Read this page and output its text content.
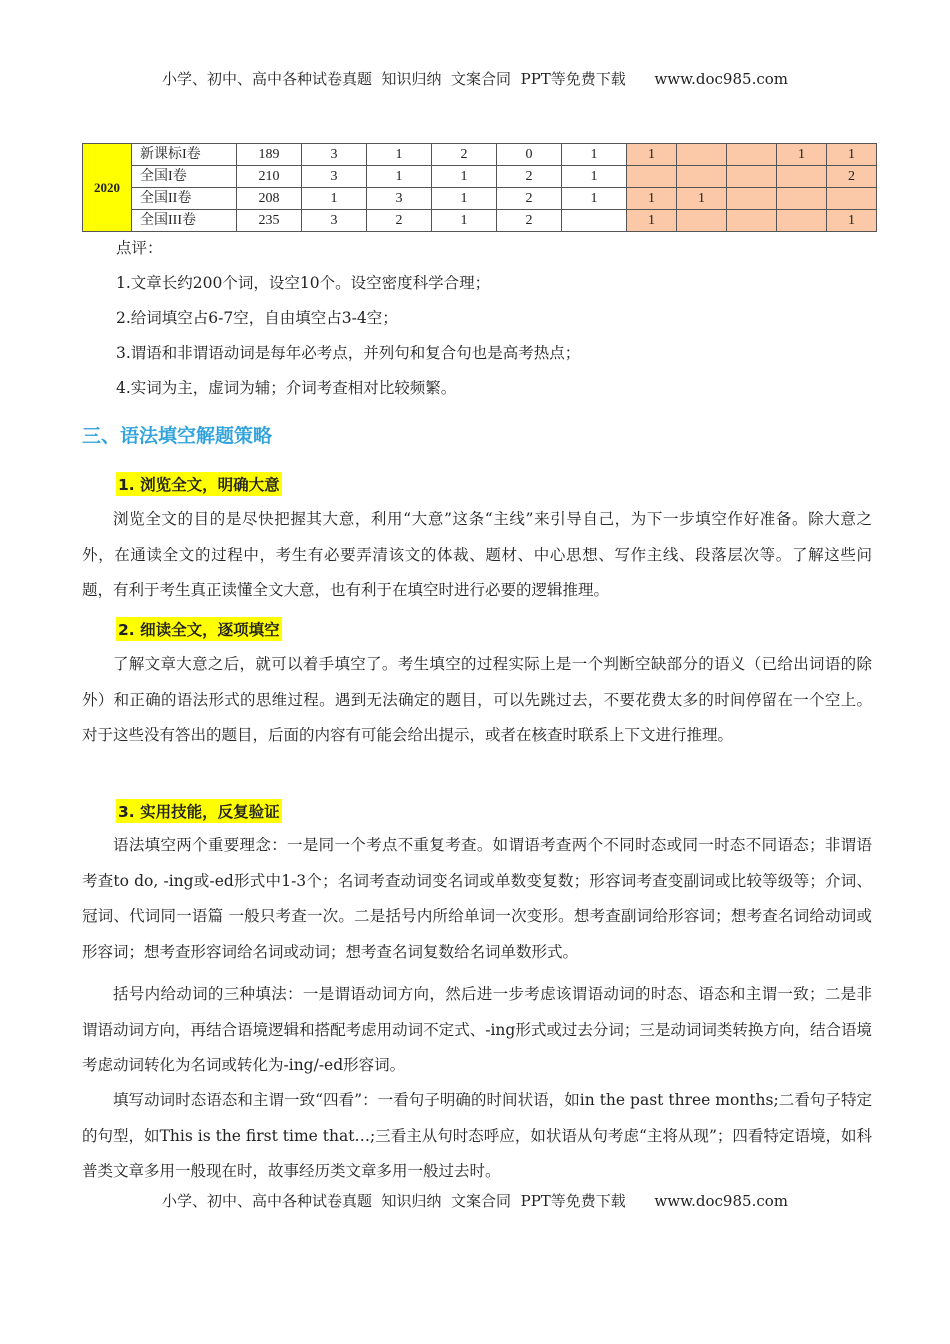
小学、初中、高中各种试卷真题  知识归纳  文案合同  PPT等免费下载      www.doc985.com
2020	新课标I卷	189	3	1	2	0	1	1			1	1
	全国I卷	210	3	1	1	2	1					2
	全国II卷	208	1	3	1	2	1	1	1			
	全国III卷	235	3	2	1	2		1				1

点评：

1.文章长约200个词，设空10个。设空密度科学合理；

2.给词填空占6-7空，自由填空占3-4空；

3.谓语和非谓语动词是每年必考点，并列句和复合句也是高考热点；

4.实词为主，虚词为辅；介词考查相对比较频繁。

三、语法填空解题策略
1. 浏览全文，明确大意

浏览全文的目的是尽快把握其大意，利用“大意”这条“主线”来引导自己，为下一步填空作好准备。除大意之外，在通读全文的过程中，考生有必要弄清该文的体裁、题材、中心思想、写作主线、段落层次等。了解这些问题，有利于考生真正读懂全文大意，也有利于在填空时进行必要的逻辑推理。

2. 细读全文，逐项填空

了解文章大意之后，就可以着手填空了。考生填空的过程实际上是一个判断空缺部分的语义（已给出词语的除外）和正确的语法形式的思维过程。遇到无法确定的题目，可以先跳过去，不要花费太多的时间停留在一个空上。对于这些没有答出的题目，后面的内容有可能会给出提示，或者在核查时联系上下文进行推理。

3. 实用技能，反复验证

语法填空两个重要理念：一是同一个考点不重复考查。如谓语考查两个不同时态或同一时态不同语态；非谓语考查to do, -ing或-ed形式中1-3个；名词考查动词变名词或单数变复数；形容词考查变副词或比较等级等；介词、冠词、代词同一语篇 一般只考查一次。二是括号内所给单词一次变形。想考查副词给形容词；想考查名词给动词或形容词；想考查形容词给名词或动词；想考查名词复数给名词单数形式。

括号内给动词的三种填法：一是谓语动词方向，然后进一步考虑该谓语动词的时态、语态和主谓一致；二是非谓语动词方向，再结合语境逻辑和搭配考虑用动词不定式、-ing形式或过去分词；三是动词词类转换方向，结合语境考虑动词转化为名词或转化为-ing/-ed形容词。

填写动词时态语态和主谓一致“四看”：一看句子明确的时间状语，如in the past three months;二看句子特定的句型，如This is the first time that…;三看主从句时态呼应，如状语从句考虑“主将从现”；四看特定语境，如科普类文章多用一般现在时，故事经历类文章多用一般过去时。

小学、初中、高中各种试卷真题  知识归纳  文案合同  PPT等免费下载      www.doc985.com
